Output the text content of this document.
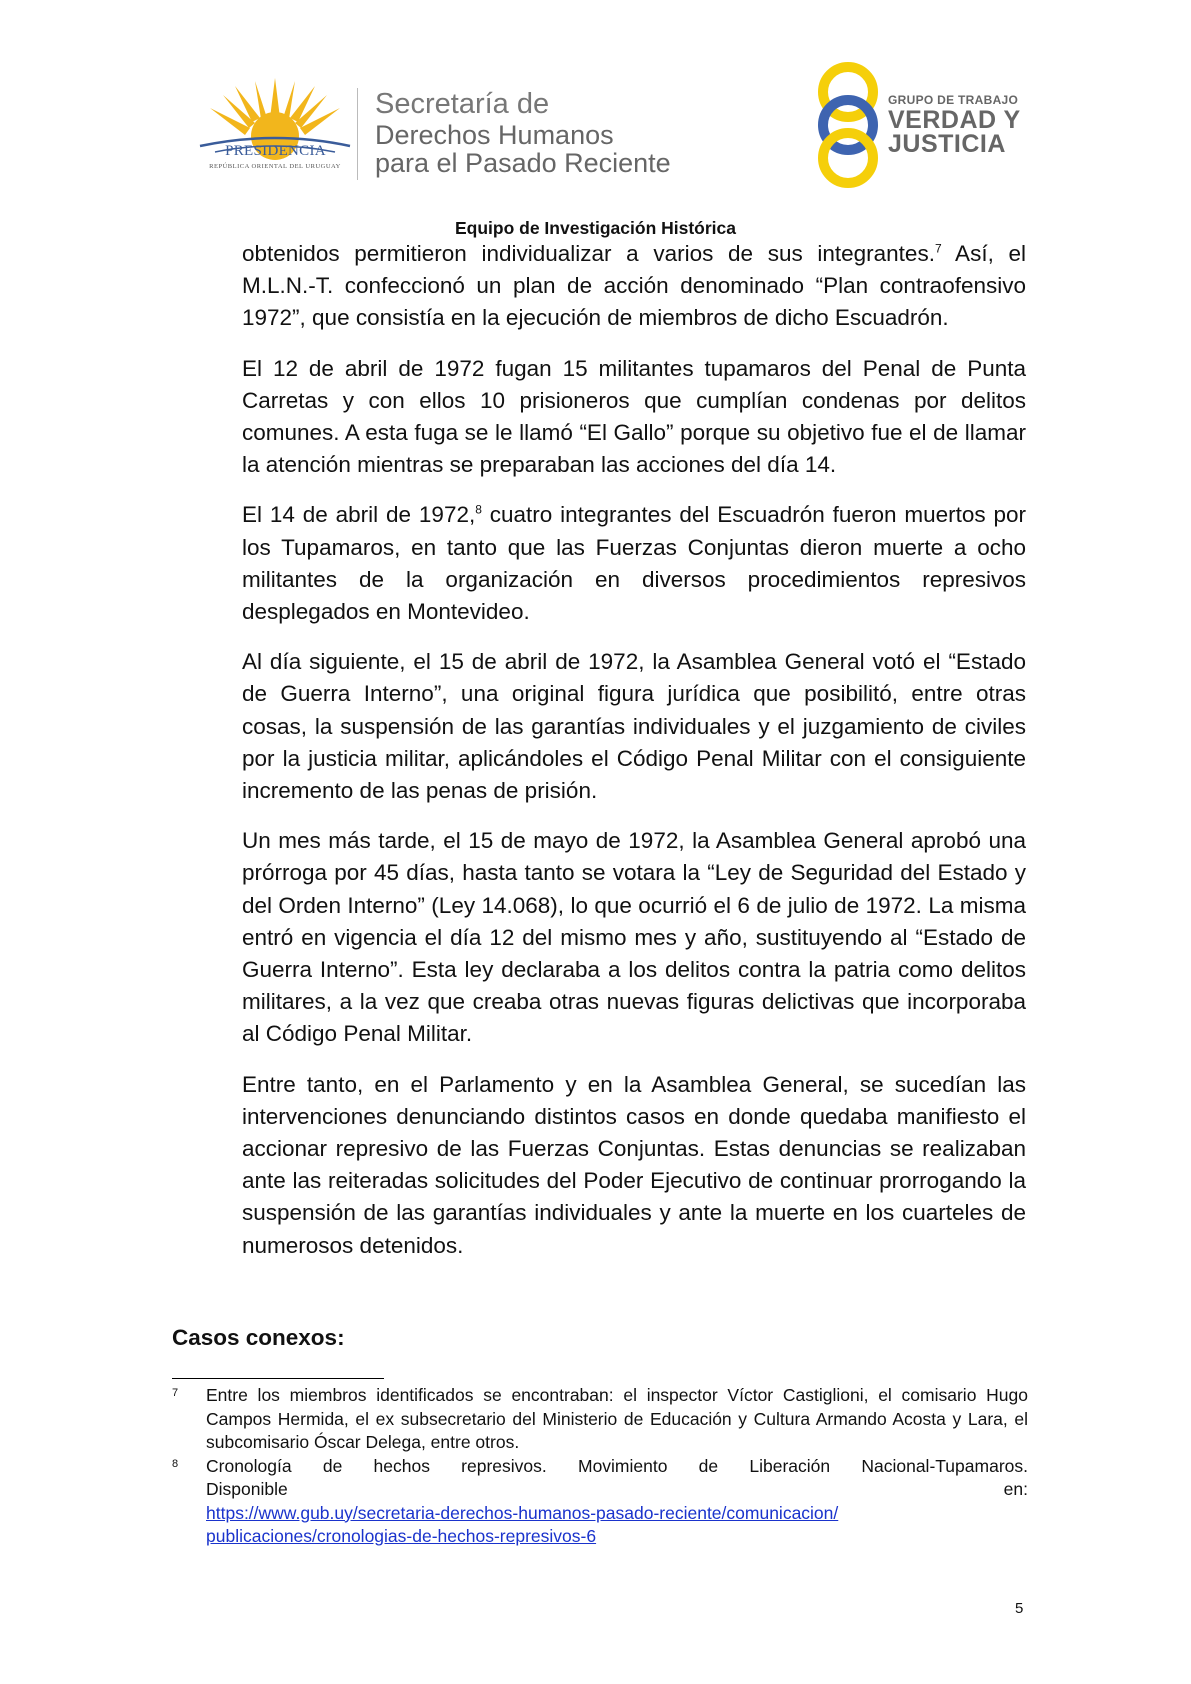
PRESIDENCIA
REPÚBLICA ORIENTAL DEL URUGUAY
Secretaría de
Derechos Humanos
para el Pasado Reciente
GRUPO DE TRABAJO
VERDAD Y
JUSTICIA
Equipo de Investigación Histórica

obtenidos permitieron individualizar a varios de sus integrantes.$^7$ Así, el M.L.N.-T. confeccionó un plan de acción denominado “Plan contraofensivo 1972”, que consistía en la ejecución de miembros de dicho Escuadrón.

El 12 de abril de 1972 fugan 15 militantes tupamaros del Penal de Punta Carretas y con ellos 10 prisioneros que cumplían condenas por delitos comunes. A esta fuga se le llamó “El Gallo” porque su objetivo fue el de llamar la atención mientras se preparaban las acciones del día 14.

El 14 de abril de 1972,$^8$ cuatro integrantes del Escuadrón fueron muertos por los Tupamaros, en tanto que las Fuerzas Conjuntas dieron muerte a ocho militantes de la organización en diversos procedimientos represivos desplegados en Montevideo.

Al día siguiente, el 15 de abril de 1972, la Asamblea General votó el “Estado de Guerra Interno”, una original figura jurídica que posibilitó, entre otras cosas, la suspensión de las garantías individuales y el juzgamiento de civiles por la justicia militar, aplicándoles el Código Penal Militar con el consiguiente incremento de las penas de prisión.

Un mes más tarde, el 15 de mayo de 1972, la Asamblea General aprobó una prórroga por 45 días, hasta tanto se votara la “Ley de Seguridad del Estado y del Orden Interno” (Ley 14.068), lo que ocurrió el 6 de julio de 1972. La misma entró en vigencia el día 12 del mismo mes y año, sustituyendo al “Estado de Guerra Interno”. Esta ley declaraba a los delitos contra la patria como delitos militares, a la vez que creaba otras nuevas figuras delictivas que incorporaba al Código Penal Militar.

Entre tanto, en el Parlamento y en la Asamblea General, se sucedían las intervenciones denunciando distintos casos en donde quedaba manifiesto el accionar represivo de las Fuerzas Conjuntas. Estas denuncias se realizaban ante las reiteradas solicitudes del Poder Ejecutivo de continuar prorrogando la suspensión de las garantías individuales y ante la muerte en los cuarteles de numerosos detenidos.

Casos conexos:
7	Entre los miembros identificados se encontraban: el inspector Víctor Castiglioni, el comisario Hugo Campos Hermida, el ex subsecretario del Ministerio de Educación y Cultura Armando Acosta y Lara, el subcomisario Óscar Delega, entre otros.
8	Cronología de hechos represivos. Movimiento de Liberación Nacional-Tupamaros.
Disponible	en:
https://www.gub.uy/secretaria-derechos-humanos-pasado-reciente/comunicacion/
publicaciones/cronologias-de-hechos-represivos-6
5
